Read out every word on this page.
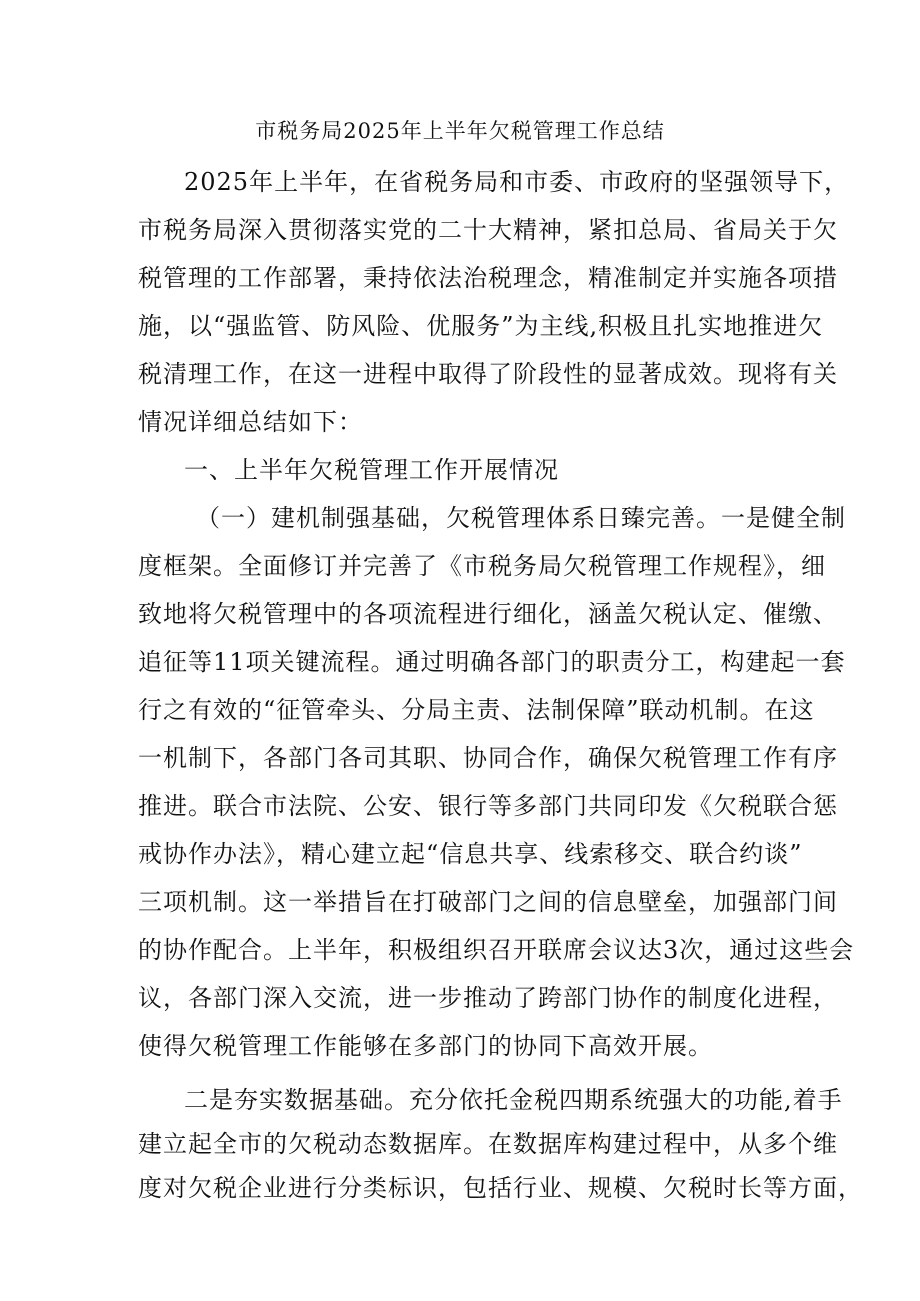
市税务局2025年上半年欠税管理工作总结
2025年上半年，在省税务局和市委、市政府的坚强领导下，
市税务局深入贯彻落实党的二十大精神，紧扣总局、省局关于欠
税管理的工作部署，秉持依法治税理念，精准制定并实施各项措
施，以“强监管、防风险、优服务”为主线,积极且扎实地推进欠
税清理工作，在这一进程中取得了阶段性的显著成效。现将有关
情况详细总结如下：
一、上半年欠税管理工作开展情况
（一）建机制强基础，欠税管理体系日臻完善。一是健全制
度框架。全面修订并完善了《市税务局欠税管理工作规程》，细
致地将欠税管理中的各项流程进行细化，涵盖欠税认定、催缴、
追征等11项关键流程。通过明确各部门的职责分工，构建起一套
行之有效的“征管牵头、分局主责、法制保障”联动机制。在这
一机制下，各部门各司其职、协同合作，确保欠税管理工作有序
推进。联合市法院、公安、银行等多部门共同印发《欠税联合惩
戒协作办法》，精心建立起“信息共享、线索移交、联合约谈”
三项机制。这一举措旨在打破部门之间的信息壁垒，加强部门间
的协作配合。上半年，积极组织召开联席会议达3次，通过这些会
议，各部门深入交流，进一步推动了跨部门协作的制度化进程，
使得欠税管理工作能够在多部门的协同下高效开展。
二是夯实数据基础。充分依托金税四期系统强大的功能,着手
建立起全市的欠税动态数据库。在数据库构建过程中，从多个维
度对欠税企业进行分类标识，包括行业、规模、欠税时长等方面，
